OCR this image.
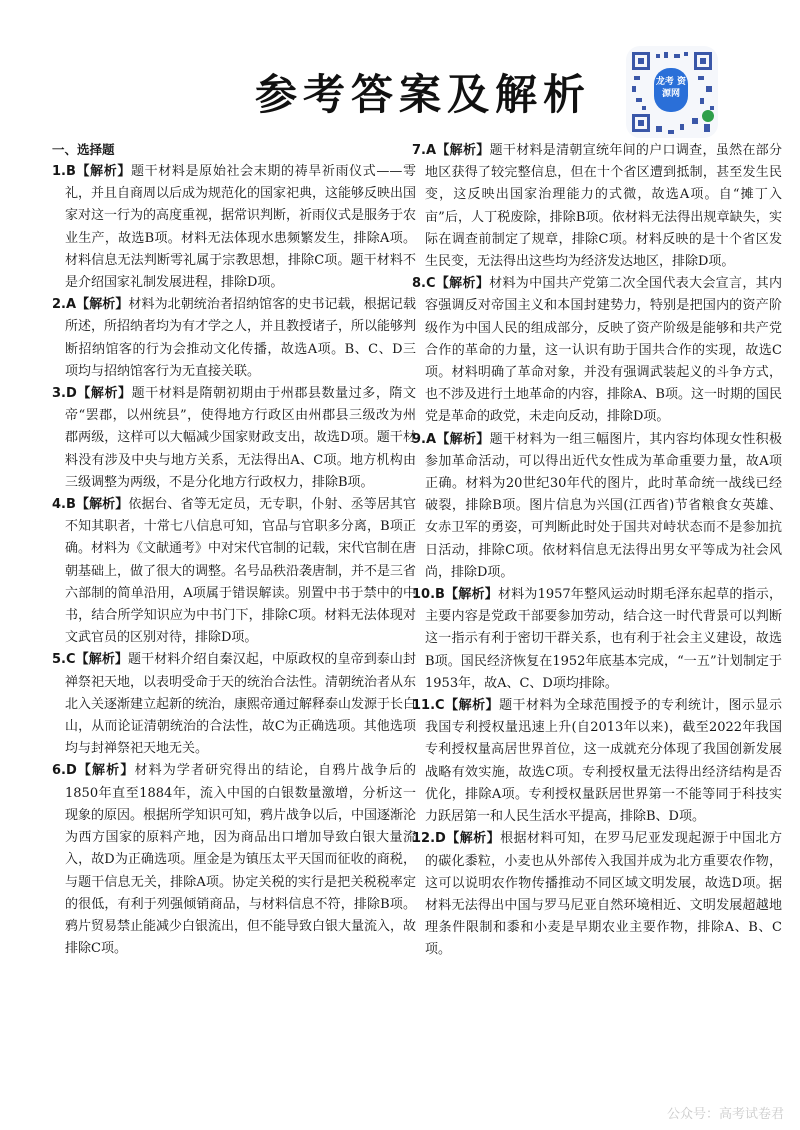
参考答案及解析	龙考 资源网
一、选择题

1.B【解析】题干材料是原始社会末期的祷旱祈雨仪式——雩礼，并且自商周以后成为规范化的国家祀典，这能够反映出国家对这一行为的高度重视，据常识判断，祈雨仪式是服务于农业生产，故选B项。材料无法体现水患频繁发生，排除A项。材料信息无法判断雩礼属于宗教思想，排除C项。题干材料不是介绍国家礼制发展进程，排除D项。

2.A【解析】材料为北朝统治者招纳馆客的史书记载，根据记载所述，所招纳者均为有才学之人，并且教授诸子，所以能够判断招纳馆客的行为会推动文化传播，故选A项。B、C、D三项均与招纳馆客行为无直接关联。

3.D【解析】题干材料是隋朝初期由于州郡县数量过多，隋文帝“罢郡，以州统县”，使得地方行政区由州郡县三级改为州郡两级，这样可以大幅减少国家财政支出，故选D项。题干材料没有涉及中央与地方关系，无法得出A、C项。地方机构由三级调整为两级，不是分化地方行政权力，排除B项。

4.B【解析】依据台、省等无定员，无专职，仆射、丞等居其官不知其职者，十常七八信息可知，官品与官职多分离，B项正确。材料为《文献通考》中对宋代官制的记载，宋代官制在唐朝基础上，做了很大的调整。名号品秩沿袭唐制，并不是三省六部制的简单沿用，A项属于错误解读。别置中书于禁中的中书，结合所学知识应为中书门下，排除C项。材料无法体现对文武官员的区别对待，排除D项。

5.C【解析】题干材料介绍自秦汉起，中原政权的皇帝到泰山封禅祭祀天地，以表明受命于天的统治合法性。清朝统治者从东北入关逐渐建立起新的统治，康熙帝通过解释泰山发源于长白山，从而论证清朝统治的合法性，故C为正确选项。其他选项均与封禅祭祀天地无关。

6.D【解析】材料为学者研究得出的结论，自鸦片战争后的1850年直至1884年，流入中国的白银数量激增，分析这一现象的原因。根据所学知识可知，鸦片战争以后，中国逐渐沦为西方国家的原料产地，因为商品出口增加导致白银大量流入，故D为正确选项。厘金是为镇压太平天国而征收的商税，与题干信息无关，排除A项。协定关税的实行是把关税税率定的很低，有利于列强倾销商品，与材料信息不符，排除B项。鸦片贸易禁止能减少白银流出，但不能导致白银大量流入，故排除C项。

7.A【解析】题干材料是清朝宣统年间的户口调查，虽然在部分地区获得了较完整信息，但在十个省区遭到抵制，甚至发生民变，这反映出国家治理能力的式微，故选A项。自“摊丁入亩”后，人丁税废除，排除B项。依材料无法得出规章缺失，实际在调查前制定了规章，排除C项。材料反映的是十个省区发生民变，无法得出这些均为经济发达地区，排除D项。

8.C【解析】材料为中国共产党第二次全国代表大会宣言，其内容强调反对帝国主义和本国封建势力，特别是把国内的资产阶级作为中国人民的组成部分，反映了资产阶级是能够和共产党合作的革命的力量，这一认识有助于国共合作的实现，故选C项。材料明确了革命对象，并没有强调武装起义的斗争方式，也不涉及进行土地革命的内容，排除A、B项。这一时期的国民党是革命的政党，未走向反动，排除D项。

9.A【解析】题干材料为一组三幅图片，其内容均体现女性积极参加革命活动，可以得出近代女性成为革命重要力量，故A项正确。材料为20世纪30年代的图片，此时革命统一战线已经破裂，排除B项。图片信息为兴国(江西省)节省粮食女英雄、女赤卫军的勇姿，可判断此时处于国共对峙状态而不是参加抗日活动，排除C项。依材料信息无法得出男女平等成为社会风尚，排除D项。

10.B【解析】材料为1957年整风运动时期毛泽东起草的指示，主要内容是党政干部要参加劳动，结合这一时代背景可以判断这一指示有利于密切干群关系，也有利于社会主义建设，故选B项。国民经济恢复在1952年底基本完成，“一五”计划制定于1953年，故A、C、D项均排除。

11.C【解析】题干材料为全球范围授予的专利统计，图示显示我国专利授权量迅速上升(自2013年以来)，截至2022年我国专利授权量高居世界首位，这一成就充分体现了我国创新发展战略有效实施，故选C项。专利授权量无法得出经济结构是否优化，排除A项。专利授权量跃居世界第一不能等同于科技实力跃居第一和人民生活水平提高，排除B、D项。

12.D【解析】根据材料可知，在罗马尼亚发现起源于中国北方的碳化黍粒，小麦也从外部传入我国并成为北方重要农作物，这可以说明农作物传播推动不同区域文明发展，故选D项。据材料无法得出中国与罗马尼亚自然环境相近、文明发展超越地理条件限制和黍和小麦是早期农业主要作物，排除A、B、C项。

公众号：高考试卷君
